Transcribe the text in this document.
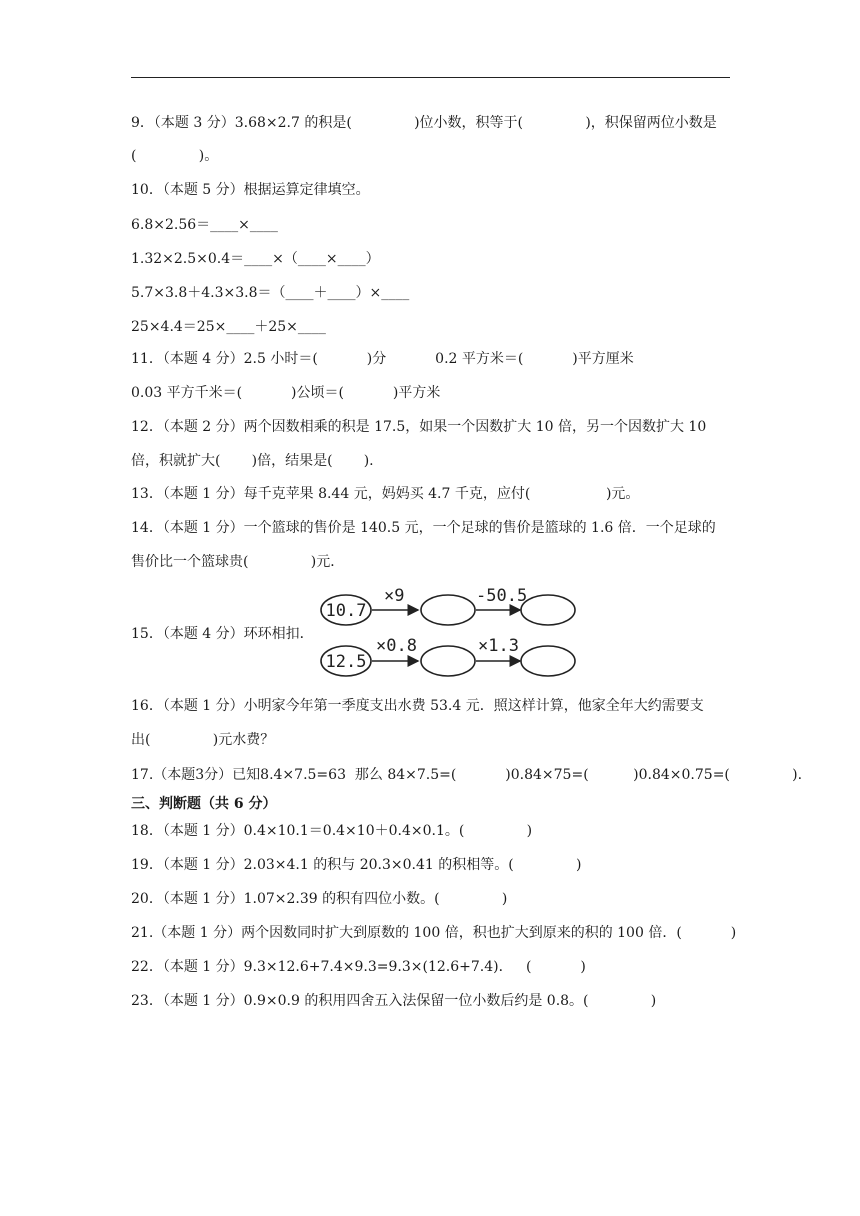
9．（本题 3 分）3.68×2.7 的积是(              )位小数，积等于(              )，积保留两位小数是
(              )。
10．（本题 5 分）根据运算定律填空。
6.8×2.56＝____×____
1.32×2.5×0.4＝____×（____×____）
5.7×3.8＋4.3×3.8＝（____＋____）×____
25×4.4＝25×____＋25×____
11．（本题 4 分）2.5 小时＝(           )分           0.2 平方米＝(           )平方厘米
0.03 平方千米＝(           )公顷＝(           )平方米
12．（本题 2 分）两个因数相乘的积是 17.5，如果一个因数扩大 10 倍，另一个因数扩大 10
倍，积就扩大(       )倍，结果是(       ).
13．（本题 1 分）每千克苹果 8.44 元，妈妈买 4.7 千克，应付(                 )元。
14．（本题 1 分）一个篮球的售价是 140.5 元，一个足球的售价是篮球的 1.6 倍．一个足球的
售价比一个篮球贵(              )元．
15．（本题 4 分）环环相扣．
10.7
×9	-50.5
12.5
×0.8	×1.3
16．（本题 1 分）小明家今年第一季度支出水费 53.4 元．照这样计算，他家全年大约需要支
出(              )元水费？
17.（本题3分）已知8.4×7.5=63  那么 84×7.5=(           )0.84×75=(          )0.84×0.75=(              ).
三、判断题（共 6 分）
18．（本题 1 分）0.4×10.1＝0.4×10＋0.4×0.1。(              )
19．（本题 1 分）2.03×4.1 的积与 20.3×0.41 的积相等。(              )
20．（本题 1 分）1.07×2.39 的积有四位小数。(              )
21.（本题 1 分）两个因数同时扩大到原数的 100 倍，积也扩大到原来的积的 100 倍．(           )
22．（本题 1 分）9.3×12.6+7.4×9.3=9.3×(12.6+7.4)．   (           )
23．（本题 1 分）0.9×0.9 的积用四舍五入法保留一位小数后约是 0.8。(              )
